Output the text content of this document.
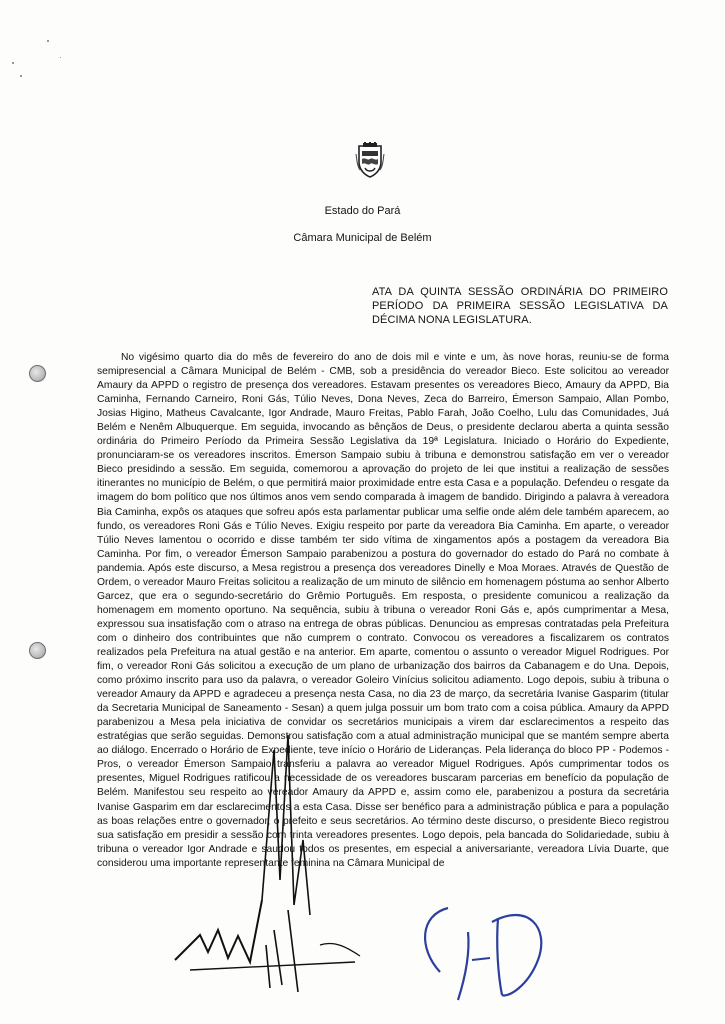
Estado do Pará
Câmara Municipal de Belém
ATA DA QUINTA SESSÃO ORDINÁRIA DO PRIMEIRO PERÍODO DA PRIMEIRA SESSÃO LEGISLATIVA DA DÉCIMA NONA LEGISLATURA.

No vigésimo quarto dia do mês de fevereiro do ano de dois mil e vinte e um, às nove horas, reuniu-se de forma semipresencial a Câmara Municipal de Belém - CMB, sob a presidência do vereador Bieco. Este solicitou ao vereador Amaury da APPD o registro de presença dos vereadores. Estavam presentes os vereadores Bieco, Amaury da APPD, Bia Caminha, Fernando Carneiro, Roni Gás, Túlio Neves, Dona Neves, Zeca do Barreiro, Émerson Sampaio, Allan Pombo, Josias Higino, Matheus Cavalcante, Igor Andrade, Mauro Freitas, Pablo Farah, João Coelho, Lulu das Comunidades, Juá Belém e Nenêm Albuquerque. Em seguida, invocando as bênçãos de Deus, o presidente declarou aberta a quinta sessão ordinária do Primeiro Período da Primeira Sessão Legislativa da 19ª Legislatura. Iniciado o Horário do Expediente, pronunciaram-se os vereadores inscritos. Émerson Sampaio subiu à tribuna e demonstrou satisfação em ver o vereador Bieco presidindo a sessão. Em seguida, comemorou a aprovação do projeto de lei que institui a realização de sessões itinerantes no município de Belém, o que permitirá maior proximidade entre esta Casa e a população. Defendeu o resgate da imagem do bom político que nos últimos anos vem sendo comparada à imagem de bandido. Dirigindo a palavra à vereadora Bia Caminha, expôs os ataques que sofreu após esta parlamentar publicar uma selfie onde além dele também aparecem, ao fundo, os vereadores Roni Gás e Túlio Neves. Exigiu respeito por parte da vereadora Bia Caminha. Em aparte, o vereador Túlio Neves lamentou o ocorrido e disse também ter sido vítima de xingamentos após a postagem da vereadora Bia Caminha. Por fim, o vereador Émerson Sampaio parabenizou a postura do governador do estado do Pará no combate à pandemia. Após este discurso, a Mesa registrou a presença dos vereadores Dinelly e Moa Moraes. Através de Questão de Ordem, o vereador Mauro Freitas solicitou a realização de um minuto de silêncio em homenagem póstuma ao senhor Alberto Garcez, que era o segundo-secretário do Grêmio Português. Em resposta, o presidente comunicou a realização da homenagem em momento oportuno. Na sequência, subiu à tribuna o vereador Roni Gás e, após cumprimentar a Mesa, expressou sua insatisfação com o atraso na entrega de obras públicas. Denunciou as empresas contratadas pela Prefeitura com o dinheiro dos contribuintes que não cumprem o contrato. Convocou os vereadores a fiscalizarem os contratos realizados pela Prefeitura na atual gestão e na anterior. Em aparte, comentou o assunto o vereador Miguel Rodrigues. Por fim, o vereador Roni Gás solicitou a execução de um plano de urbanização dos bairros da Cabanagem e do Una. Depois, como próximo inscrito para uso da palavra, o vereador Goleiro Vinícius solicitou adiamento. Logo depois, subiu à tribuna o vereador Amaury da APPD e agradeceu a presença nesta Casa, no dia 23 de março, da secretária Ivanise Gasparim (titular da Secretaria Municipal de Saneamento - Sesan) a quem julga possuir um bom trato com a coisa pública. Amaury da APPD parabenizou a Mesa pela iniciativa de convidar os secretários municipais a virem dar esclarecimentos a respeito das estratégias que serão seguidas. Demonstrou satisfação com a atual administração municipal que se mantém sempre aberta ao diálogo. Encerrado o Horário de Expediente, teve início o Horário de Lideranças. Pela liderança do bloco PP - Podemos - Pros, o vereador Émerson Sampaio transferiu a palavra ao vereador Miguel Rodrigues. Após cumprimentar todos os presentes, Miguel Rodrigues ratificou a necessidade de os vereadores buscaram parcerias em benefício da população de Belém. Manifestou seu respeito ao vereador Amaury da APPD e, assim como ele, parabenizou a postura da secretária Ivanise Gasparim em dar esclarecimentos a esta Casa. Disse ser benéfico para a administração pública e para a população as boas relações entre o governador, o prefeito e seus secretários. Ao término deste discurso, o presidente Bieco registrou sua satisfação em presidir a sessão com trinta vereadores presentes. Logo depois, pela bancada do Solidariedade, subiu à tribuna o vereador Igor Andrade e saudou todos os presentes, em especial a aniversariante, vereadora Lívia Duarte, que considerou uma importante representante feminina na Câmara Municipal de
